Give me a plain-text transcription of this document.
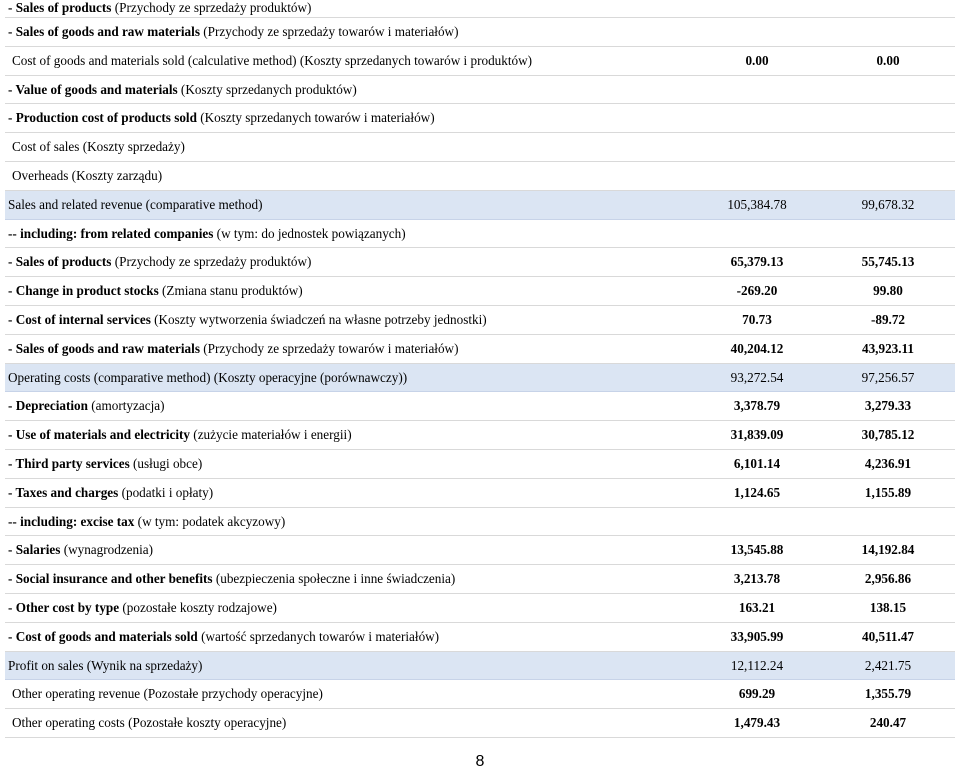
- Sales of products (Przychody ze sprzedaży produktów)
- Sales of goods and raw materials (Przychody ze sprzedaży towarów i materiałów)
Cost of goods and materials sold (calculative method) (Koszty sprzedanych towarów i produktów)	0.00	0.00
- Value of goods and materials (Koszty sprzedanych produktów)
- Production cost of products sold (Koszty sprzedanych towarów i materiałów)
Cost of sales (Koszty sprzedaży)
Overheads (Koszty zarządu)
Sales and related revenue (comparative method)	105,384.78	99,678.32
-- including: from related companies (w tym: do jednostek powiązanych)
- Sales of products (Przychody ze sprzedaży produktów)	65,379.13	55,745.13
- Change in product stocks (Zmiana stanu produktów)	-269.20	99.80
- Cost of internal services (Koszty wytworzenia świadczeń na własne potrzeby jednostki)	70.73	-89.72
- Sales of goods and raw materials (Przychody ze sprzedaży towarów i materiałów)	40,204.12	43,923.11
Operating costs (comparative method) (Koszty operacyjne (porównawczy))	93,272.54	97,256.57
- Depreciation (amortyzacja)	3,378.79	3,279.33
- Use of materials and electricity (zużycie materiałów i energii)	31,839.09	30,785.12
- Third party services (usługi obce)	6,101.14	4,236.91
- Taxes and charges (podatki i opłaty)	1,124.65	1,155.89
-- including: excise tax (w tym: podatek akcyzowy)
- Salaries (wynagrodzenia)	13,545.88	14,192.84
- Social insurance and other benefits (ubezpieczenia społeczne i inne świadczenia)	3,213.78	2,956.86
- Other cost by type (pozostałe koszty rodzajowe)	163.21	138.15
- Cost of goods and materials sold (wartość sprzedanych towarów i materiałów)	33,905.99	40,511.47
Profit on sales (Wynik na sprzedaży)	12,112.24	2,421.75
Other operating revenue (Pozostałe przychody operacyjne)	699.29	1,355.79
Other operating costs (Pozostałe koszty operacyjne)	1,479.43	240.47
8
